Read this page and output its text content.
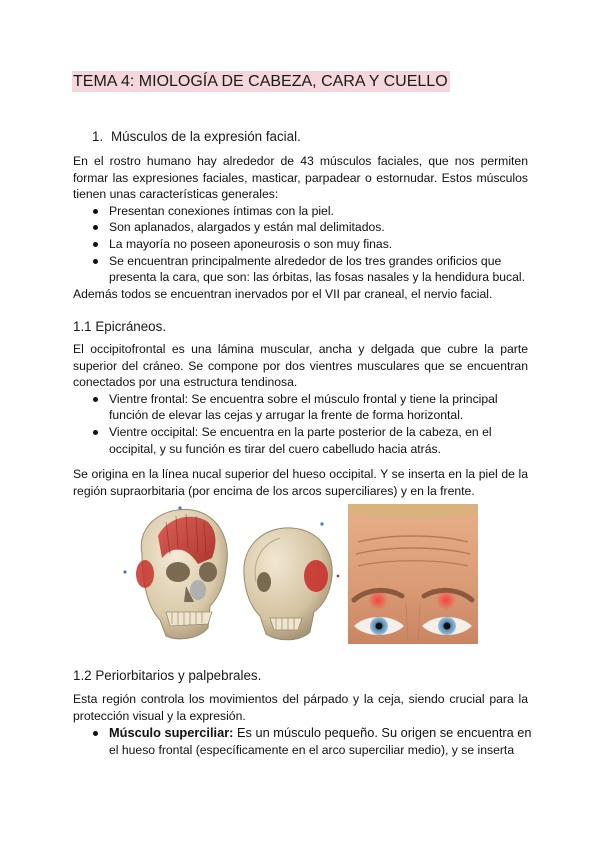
TEMA 4: MIOLOGÍA DE CABEZA, CARA Y CUELLO
1. Músculos de la expresión facial.
En el rostro humano hay alrededor de 43 músculos faciales, que nos permiten
formar las expresiones faciales, masticar, parpadear o estornudar. Estos músculos
tienen unas características generales:
Presentan conexiones íntimas con la piel.
Son aplanados, alargados y están mal delimitados.
La mayoría no poseen aponeurosis o son muy finas.
Se encuentran principalmente alrededor de los tres grandes orificios que
presenta la cara, que son: las órbitas, las fosas nasales y la hendidura bucal.
Además todos se encuentran inervados por el VII par craneal, el nervio facial.
1.1 Epicráneos.
El occipitofrontal es una lámina muscular, ancha y delgada que cubre la parte
superior del cráneo. Se compone por dos vientres musculares que se encuentran
conectados por una estructura tendinosa.
Vientre frontal: Se encuentra sobre el músculo frontal y tiene la principal
función de elevar las cejas y arrugar la frente de forma horizontal.
Vientre occipital: Se encuentra en la parte posterior de la cabeza, en el
occipital, y su función es tirar del cuero cabelludo hacia atrás.
Se origina en la línea nucal superior del hueso occipital. Y se inserta en la piel de la
región supraorbitaria (por encima de los arcos superciliares) y en la frente.
1.2 Periorbitarios y palpebrales.
Esta región controla los movimientos del párpado y la ceja, siendo crucial para la
protección visual y la expresión.
Músculo superciliar: Es un músculo pequeño. Su origen se encuentra en
el hueso frontal (específicamente en el arco superciliar medio), y se inserta
